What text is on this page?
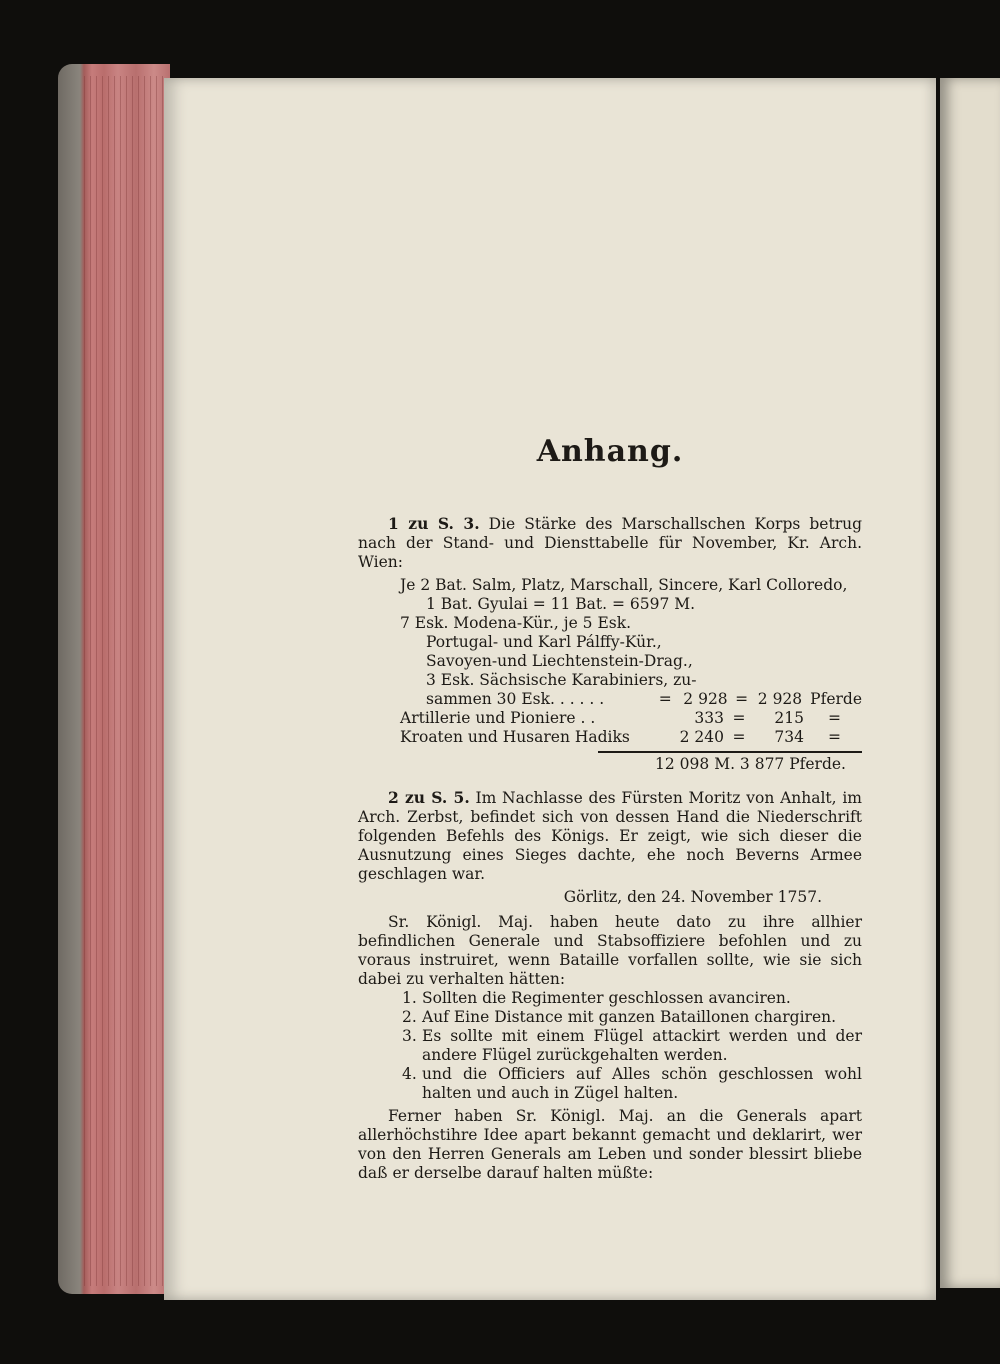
Anhang.

1 zu S. 3. Die Stärke des Marschallschen Korps betrug nach der Stand- und Diensttabelle für November, Kr. Arch. Wien:

Je 2 Bat. Salm, Platz, Marschall, Sincere, Karl Colloredo,
1 Bat. Gyulai = 11 Bat. = 6597 M.
7 Esk. Modena-Kür., je 5 Esk.
Portugal- und Karl Pálffy-Kür.,
Savoyen-und Liechtenstein-Drag.,
3 Esk. Sächsische Karabiniers, zu-
sammen 30 Esk. . . . . .	= 2 928 = 2 928 Pferde
Artillerie und Pioniere . .	333 =	215	=
Kroaten und Husaren Hadiks	2 240 =	734	=
12 098 M. 3 877 Pferde.

2 zu S. 5. Im Nachlasse des Fürsten Moritz von Anhalt, im Arch. Zerbst, befindet sich von dessen Hand die Niederschrift folgenden Befehls des Königs. Er zeigt, wie sich dieser die Ausnutzung eines Sieges dachte, ehe noch Beverns Armee geschlagen war.

Görlitz, den 24. November 1757.

Sr. Königl. Maj. haben heute dato zu ihre allhier befindlichen Generale und Stabsoffiziere befohlen und zu voraus instruiret, wenn Bataille vorfallen sollte, wie sie sich dabei zu verhalten hätten:

1. Sollten die Regimenter geschlossen avanciren.
2. Auf Eine Distance mit ganzen Bataillonen chargiren.
3. Es sollte mit einem Flügel attackirt werden und der andere Flügel zurückgehalten werden.
4. und die Officiers auf Alles schön geschlossen wohl halten und auch in Zügel halten.

Ferner haben Sr. Königl. Maj. an die Generals apart allerhöchstihre Idee apart bekannt gemacht und deklarirt, wer von den Herren Generals am Leben und sonder blessirt bliebe daß er derselbe darauf halten müßte:
